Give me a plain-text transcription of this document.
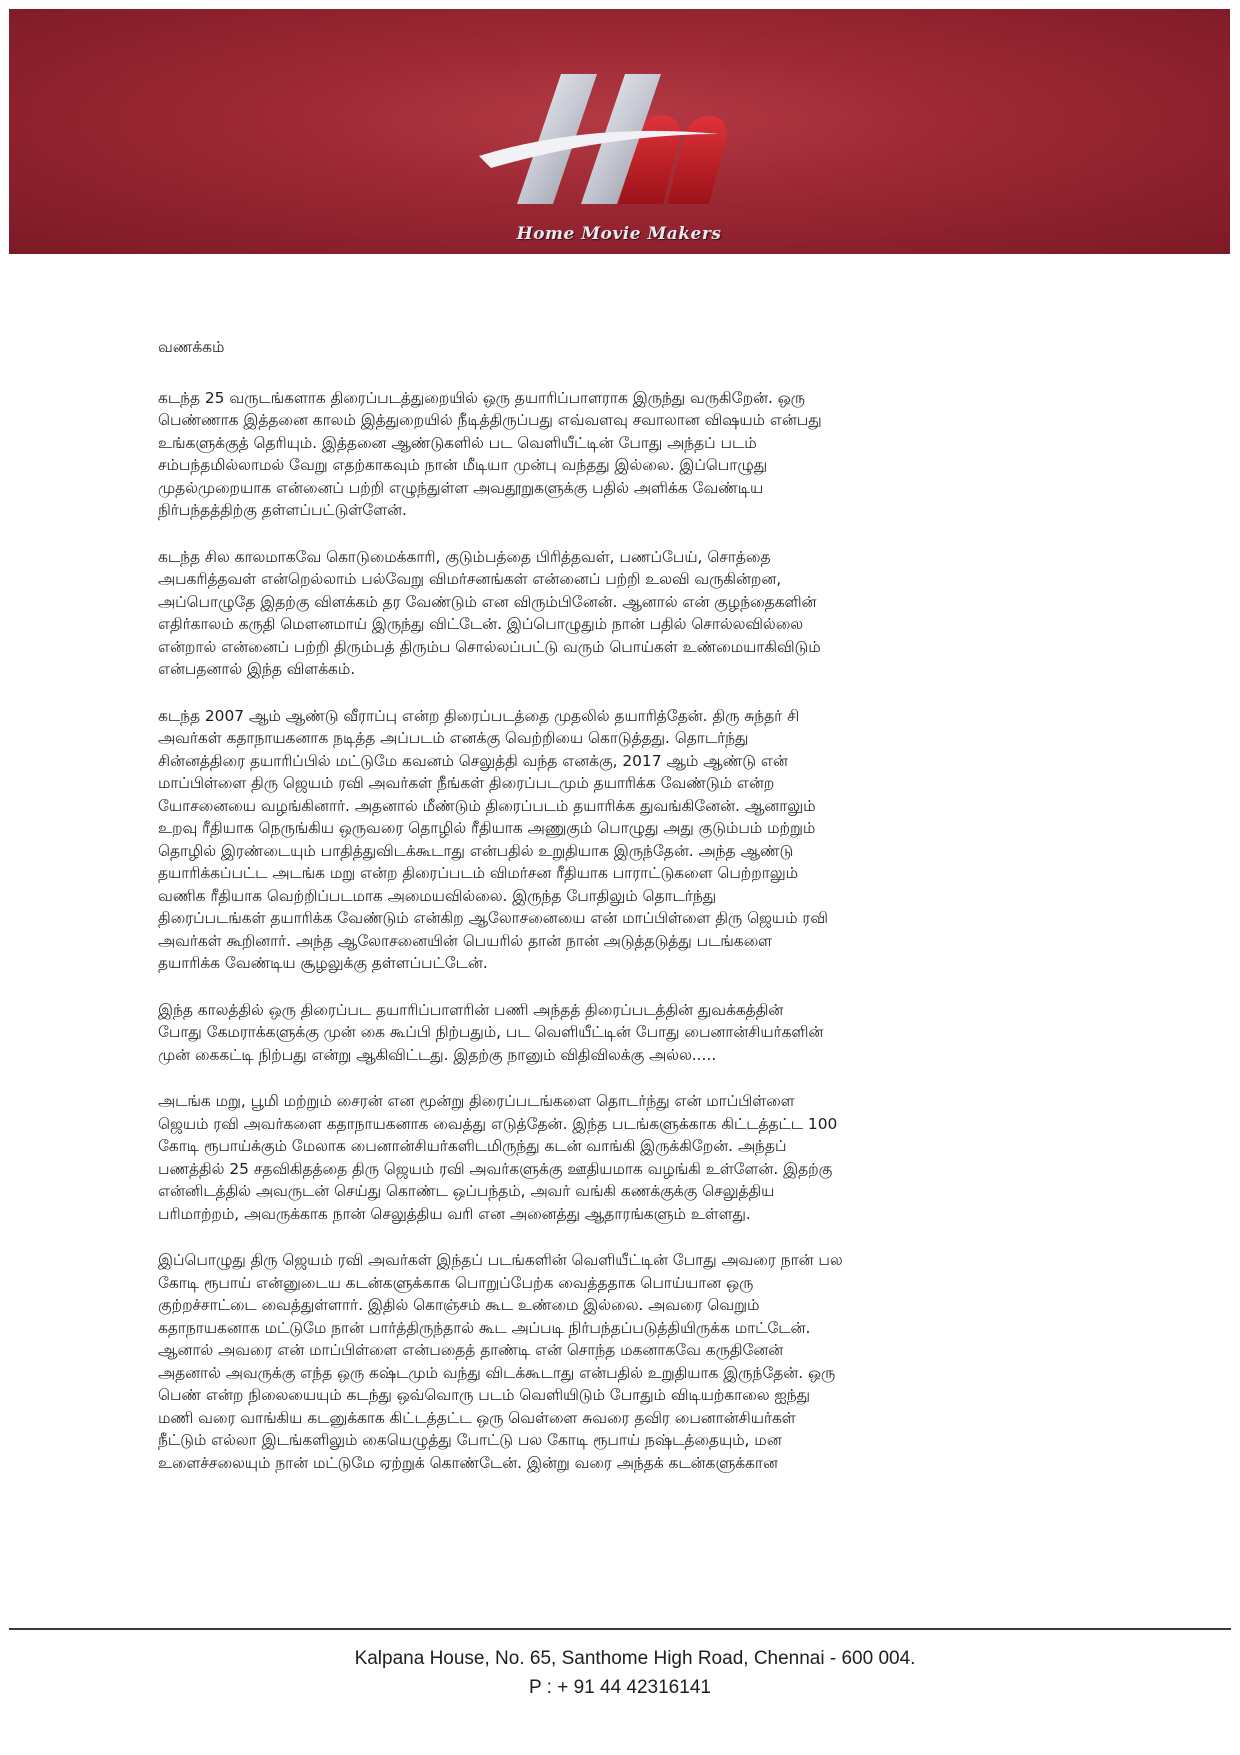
Home Movie Makers
வணக்கம்
கடந்த 25 வருடங்களாக திரைப்படத்துறையில் ஒரு தயாரிப்பாளராக இருந்து வருகிறேன். ஒரு
பெண்ணாக இத்தனை காலம் இத்துறையில் நீடித்திருப்பது எவ்வளவு சவாலான விஷயம் என்பது
உங்களுக்குத் தெரியும். இத்தனை ஆண்டுகளில் பட வெளியீட்டின் போது அந்தப் படம்
சம்பந்தமில்லாமல் வேறு எதற்காகவும் நான் மீடியா முன்பு வந்தது இல்லை. இப்பொழுது
முதல்முறையாக என்னைப் பற்றி எழுந்துள்ள அவதூறுகளுக்கு பதில் அளிக்க வேண்டிய
நிர்பந்தத்திற்கு தள்ளப்பட்டுள்ளேன்.
கடந்த சில காலமாகவே கொடுமைக்காரி, குடும்பத்தை பிரித்தவள், பணப்பேய், சொத்தை
அபகரித்தவள் என்றெல்லாம் பல்வேறு விமர்சனங்கள் என்னைப் பற்றி உலவி வருகின்றன,
அப்பொழுதே இதற்கு விளக்கம் தர வேண்டும் என விரும்பினேன். ஆனால் என் குழந்தைகளின்
எதிர்காலம் கருதி மௌனமாய் இருந்து விட்டேன். இப்பொழுதும் நான் பதில் சொல்லவில்லை
என்றால் என்னைப் பற்றி திரும்பத் திரும்ப சொல்லப்பட்டு வரும் பொய்கள் உண்மையாகிவிடும்
என்பதனால் இந்த விளக்கம்.
கடந்த 2007 ஆம் ஆண்டு வீராப்பு என்ற திரைப்படத்தை முதலில் தயாரித்தேன். திரு சுந்தர் சி
அவர்கள் கதாநாயகனாக நடித்த அப்படம் எனக்கு வெற்றியை கொடுத்தது. தொடர்ந்து
சின்னத்திரை தயாரிப்பில் மட்டுமே கவனம் செலுத்தி வந்த எனக்கு, 2017 ஆம் ஆண்டு என்
மாப்பிள்ளை திரு ஜெயம் ரவி அவர்கள் நீங்கள் திரைப்படமும் தயாரிக்க வேண்டும் என்ற
யோசனையை வழங்கினார். அதனால் மீண்டும் திரைப்படம் தயாரிக்க துவங்கினேன். ஆனாலும்
உறவு ரீதியாக நெருங்கிய ஒருவரை தொழில் ரீதியாக அணுகும் பொழுது அது குடும்பம் மற்றும்
தொழில் இரண்டையும் பாதித்துவிடக்கூடாது என்பதில் உறுதியாக இருந்தேன். அந்த ஆண்டு
தயாரிக்கப்பட்ட அடங்க மறு என்ற திரைப்படம் விமர்சன ரீதியாக பாராட்டுகளை பெற்றாலும்
வணிக ரீதியாக வெற்றிப்படமாக அமையவில்லை. இருந்த போதிலும் தொடர்ந்து
திரைப்படங்கள் தயாரிக்க வேண்டும் என்கிற ஆலோசனையை என் மாப்பிள்ளை திரு ஜெயம் ரவி
அவர்கள் கூறினார். அந்த ஆலோசனையின் பெயரில் தான் நான் அடுத்தடுத்து படங்களை
தயாரிக்க வேண்டிய சூழலுக்கு தள்ளப்பட்டேன்.
இந்த காலத்தில் ஒரு திரைப்பட தயாரிப்பாளரின் பணி அந்தத் திரைப்படத்தின் துவக்கத்தின்
போது கேமராக்களுக்கு முன் கை கூப்பி நிற்பதும், பட வெளியீட்டின் போது பைனான்சியர்களின்
முன் கைகட்டி நிற்பது என்று ஆகிவிட்டது. இதற்கு நானும் விதிவிலக்கு அல்ல.....
அடங்க மறு, பூமி மற்றும் சைரன் என மூன்று திரைப்படங்களை தொடர்ந்து என் மாப்பிள்ளை
ஜெயம் ரவி அவர்களை கதாநாயகனாக வைத்து எடுத்தேன். இந்த படங்களுக்காக கிட்டத்தட்ட 100
கோடி ரூபாய்க்கும் மேலாக பைனான்சியர்களிடமிருந்து கடன் வாங்கி இருக்கிறேன். அந்தப்
பணத்தில் 25 சதவிகிதத்தை திரு ஜெயம் ரவி அவர்களுக்கு ஊதியமாக வழங்கி உள்ளேன். இதற்கு
என்னிடத்தில் அவருடன் செய்து கொண்ட ஒப்பந்தம், அவர் வங்கி கணக்குக்கு செலுத்திய
பரிமாற்றம், அவருக்காக நான் செலுத்திய வரி என அனைத்து ஆதாரங்களும் உள்ளது.
இப்பொழுது திரு ஜெயம் ரவி அவர்கள் இந்தப் படங்களின் வெளியீட்டின் போது அவரை நான் பல
கோடி ரூபாய் என்னுடைய கடன்களுக்காக பொறுப்பேற்க வைத்ததாக பொய்யான ஒரு
குற்றச்சாட்டை வைத்துள்ளார். இதில் கொஞ்சம் கூட உண்மை இல்லை. அவரை வெறும்
கதாநாயகனாக மட்டுமே நான் பார்த்திருந்தால் கூட அப்படி நிர்பந்தப்படுத்தியிருக்க மாட்டேன்.
ஆனால் அவரை என் மாப்பிள்ளை என்பதைத் தாண்டி என் சொந்த மகனாகவே கருதினேன்
அதனால் அவருக்கு எந்த ஒரு கஷ்டமும் வந்து விடக்கூடாது என்பதில் உறுதியாக இருந்தேன். ஒரு
பெண் என்ற நிலையையும் கடந்து ஒவ்வொரு படம் வெளியிடும் போதும் விடியற்காலை ஐந்து
மணி வரை வாங்கிய கடனுக்காக கிட்டத்தட்ட ஒரு வெள்ளை சுவரை தவிர பைனான்சியர்கள்
நீட்டும் எல்லா இடங்களிலும் கையெழுத்து போட்டு பல கோடி ரூபாய் நஷ்டத்தையும், மன
உளைச்சலையும் நான் மட்டுமே ஏற்றுக் கொண்டேன். இன்று வரை அந்தக் கடன்களுக்கான
Kalpana House, No. 65, Santhome High Road, Chennai - 600 004.
P : + 91 44 42316141
